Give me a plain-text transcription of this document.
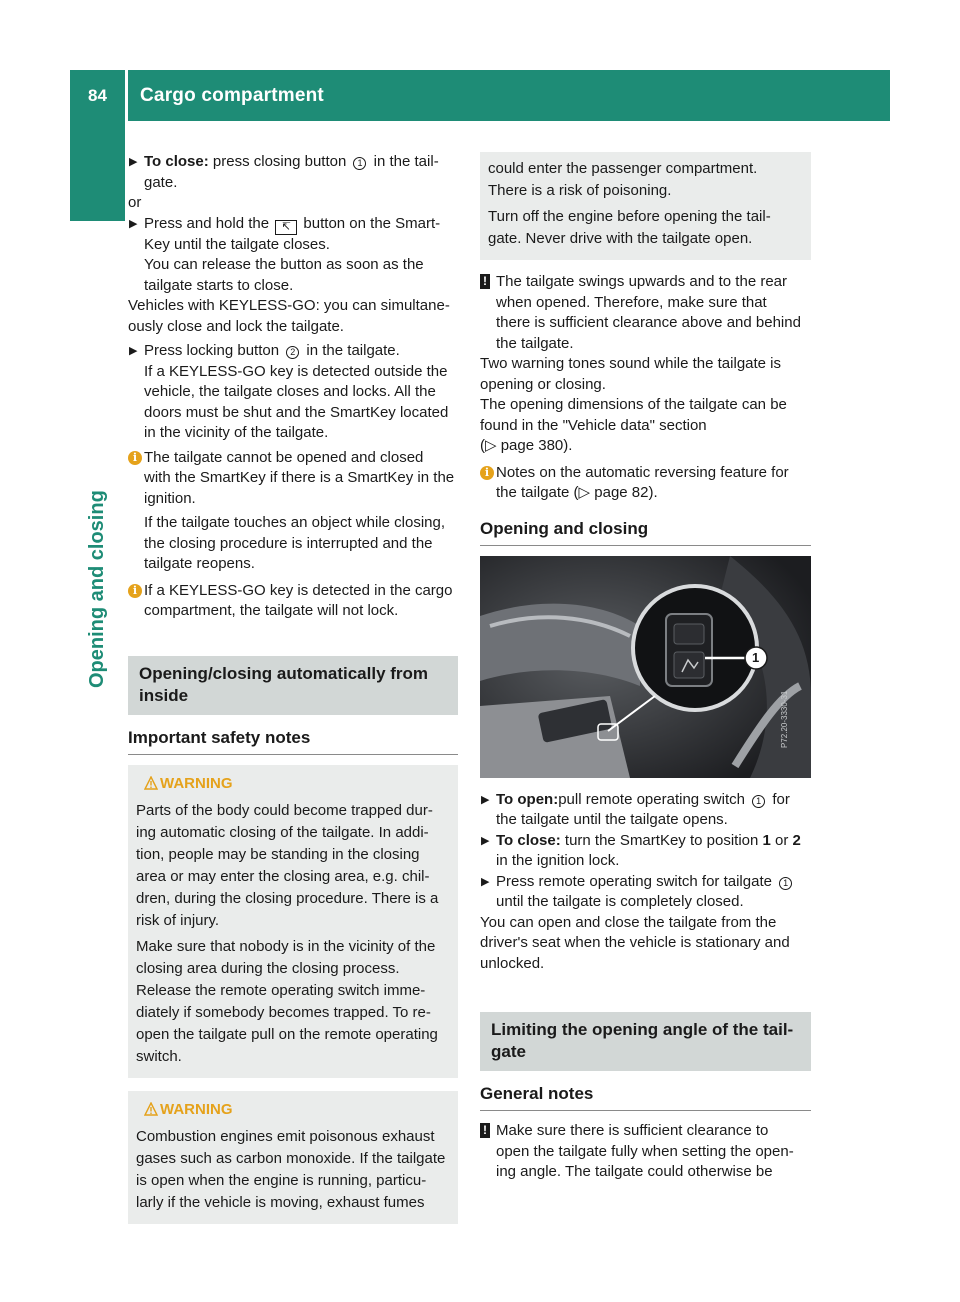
84	Cargo compartment
Opening and closing

▶ To close: press closing button 1 in the tail-

gate.

or

▶ Press and hold the ↸ button on the Smart-

Key until the tailgate closes.

You can release the button as soon as the

tailgate starts to close.

Vehicles with KEYLESS-GO: you can simultane-

ously close and lock the tailgate.

▶ Press locking button 2 in the tailgate.

If a KEYLESS-GO key is detected outside the

vehicle, the tailgate closes and locks. All the

doors must be shut and the SmartKey located

in the vicinity of the tailgate.

i The tailgate cannot be opened and closed

with the SmartKey if there is a SmartKey in the

ignition.

If the tailgate touches an object while closing,

the closing procedure is interrupted and the

tailgate reopens.

i If a KEYLESS-GO key is detected in the cargo

compartment, the tailgate will not lock.

Opening/closing automatically from
inside
Important safety notes
WARNING

Parts of the body could become trapped dur-

ing automatic closing of the tailgate. In addi-

tion, people may be standing in the closing

area or may enter the closing area, e.g. chil-

dren, during the closing procedure. There is a

risk of injury.

Make sure that nobody is in the vicinity of the

closing area during the closing process.

Release the remote operating switch imme-

diately if somebody becomes trapped. To re-

open the tailgate pull on the remote operating

switch.

WARNING

Combustion engines emit poisonous exhaust

gases such as carbon monoxide. If the tailgate

is open when the engine is running, particu-

larly if the vehicle is moving, exhaust fumes

could enter the passenger compartment.

There is a risk of poisoning.

Turn off the engine before opening the tail-

gate. Never drive with the tailgate open.

! The tailgate swings upwards and to the rear

when opened. Therefore, make sure that

there is sufficient clearance above and behind

the tailgate.

Two warning tones sound while the tailgate is

opening or closing.

The opening dimensions of the tailgate can be

found in the "Vehicle data" section

(▷ page 380).

i Notes on the automatic reversing feature for

the tailgate (▷ page 82).

Opening and closing
1
P72.20-3330-31

▶ To open:pull remote operating switch 1 for

the tailgate until the tailgate opens.

▶ To close: turn the SmartKey to position 1 or 2

in the ignition lock.

▶ Press remote operating switch for tailgate 1

until the tailgate is completely closed.

You can open and close the tailgate from the

driver's seat when the vehicle is stationary and

unlocked.

Limiting the opening angle of the tail-
gate
General notes

! Make sure there is sufficient clearance to

open the tailgate fully when setting the open-

ing angle. The tailgate could otherwise be
